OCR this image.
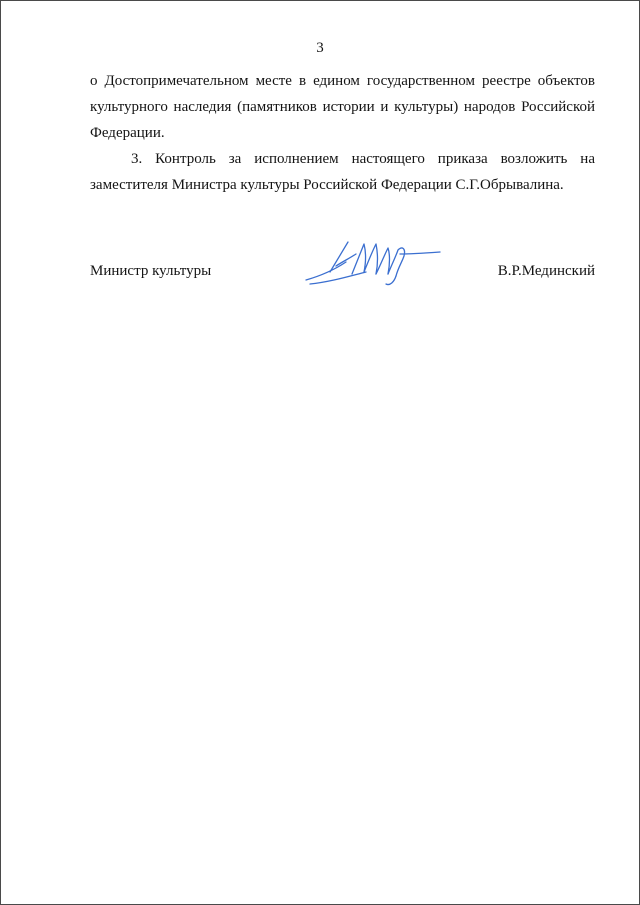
3

о Достопримечательном месте в едином государственном реестре объектов культурного наследия (памятников истории и культуры) народов Российской Федерации.

3. Контроль за исполнением настоящего приказа возложить на заместителя Министра культуры Российской Федерации С.Г.Обрывалина.

Министр культуры	В.Р.Мединский
